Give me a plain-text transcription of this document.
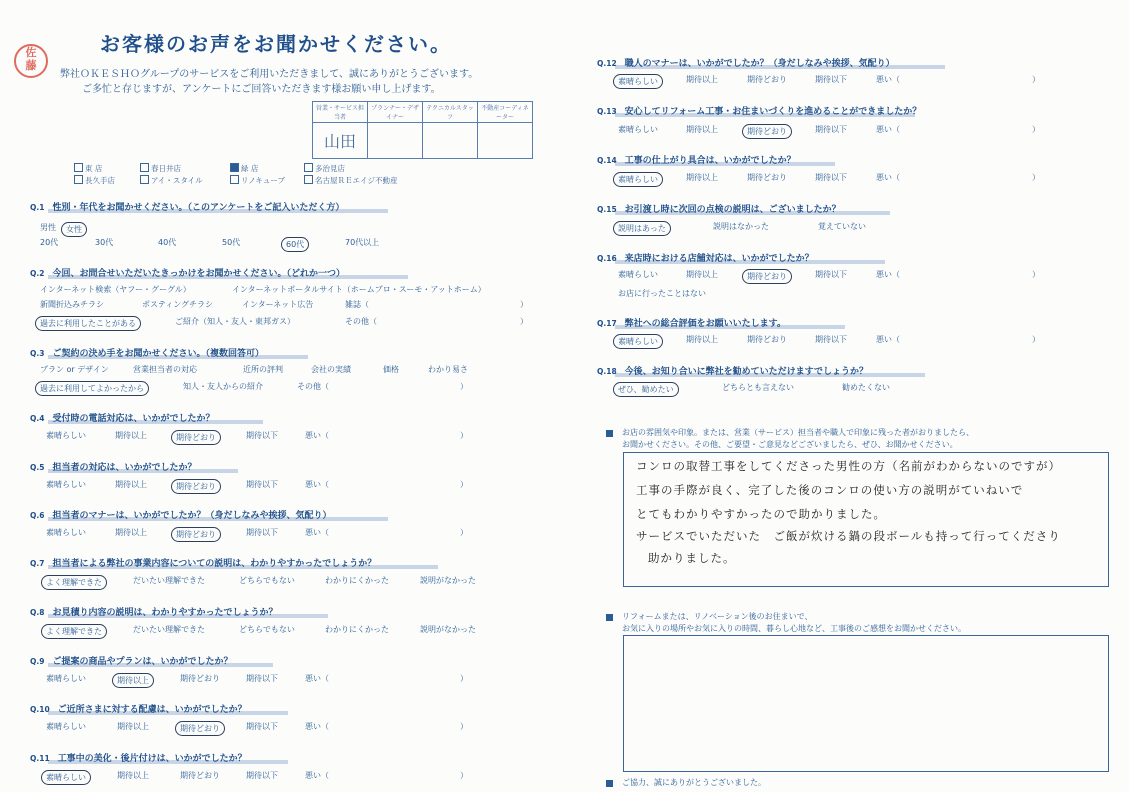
お客様のお声をお聞かせください。
佐
藤
弊社ＯＫＥＳＨＯグループのサービスをご利用いただきまして、誠にありがとうございます。
ご多忙と存じますが、アンケートにご回答いただきます様お願い申し上げます。
営業・サービス担当者	プランナー・デザイナー	テクニカルスタッフ	不動産コーディネーター
山田			
東 店	春日井店	緑 店	多治見店
長久手店	アイ・スタイル	リノキューブ	名古屋ＲＥエイジ不動産
Q.1 性別・年代をお聞かせください。（このアンケートをご記入いただく方）
男性	女性
20代	30代	40代	50代	60代	70代以上
Q.2 今回、お問合せいただいたきっかけをお聞かせください。（どれか一つ）
インターネット検索（ヤフー・グーグル）	インターネットポータルサイト（ホームプロ・スーモ・アットホーム）
新聞折込みチラシ	ポスティングチラシ	インターネット広告	雑誌（	）
過去に利用したことがある	ご紹介（知人・友人・東邦ガス）	その他（	）
Q.3 ご契約の決め手をお聞かせください。（複数回答可）
プラン or デザイン	営業担当者の対応	近所の評判	会社の実績	価格	わかり易さ
過去に利用してよかったから	知人・友人からの紹介	その他（	）
Q.4 受付時の電話対応は、いかがでしたか？
素晴らしい	期待以上	期待どおり	期待以下	悪い（	）
Q.5 担当者の対応は、いかがでしたか？
素晴らしい	期待以上	期待どおり	期待以下	悪い（	）
Q.6 担当者のマナーは、いかがでしたか？（身だしなみや挨拶、気配り）
素晴らしい	期待以上	期待どおり	期待以下	悪い（	）
Q.7 担当者による弊社の事業内容についての説明は、わかりやすかったでしょうか？
よく理解できた	だいたい理解できた	どちらでもない	わかりにくかった	説明がなかった
Q.8 お見積り内容の説明は、わかりやすかったでしょうか？
よく理解できた	だいたい理解できた	どちらでもない	わかりにくかった	説明がなかった
Q.9 ご提案の商品やプランは、いかがでしたか？
素晴らしい	期待以上	期待どおり	期待以下	悪い（	）
Q.10 ご近所さまに対する配慮は、いかがでしたか？
素晴らしい	期待以上	期待どおり	期待以下	悪い（	）
Q.11 工事中の美化・後片付けは、いかがでしたか？
素晴らしい	期待以上	期待どおり	期待以下	悪い（	）
Q.12 職人のマナーは、いかがでしたか？（身だしなみや挨拶、気配り）
素晴らしい	期待以上	期待どおり	期待以下	悪い（	）
Q.13 安心してリフォーム工事・お住まいづくりを進めることができましたか？
素晴らしい	期待以上	期待どおり	期待以下	悪い（	）
Q.14 工事の仕上がり具合は、いかがでしたか？
素晴らしい	期待以上	期待どおり	期待以下	悪い（	）
Q.15 お引渡し時に次回の点検の説明は、ございましたか？
説明はあった	説明はなかった	覚えていない
Q.16 来店時における店舗対応は、いかがでしたか？
素晴らしい	期待以上	期待どおり	期待以下	悪い（	）
お店に行ったことはない
Q.17 弊社への総合評価をお願いいたします。
素晴らしい	期待以上	期待どおり	期待以下	悪い（	）
Q.18 今後、お知り合いに弊社を勧めていただけますでしょうか？
ぜひ、勧めたい	どちらとも言えない	勧めたくない
お店の雰囲気や印象。または、営業（サービス）担当者や職人で印象に残った者がおりましたら、
お聞かせください。その他、ご要望・ご意見などございましたら、ぜひ、お聞かせください。
コンロの取替工事をしてくださった男性の方（名前がわからないのですが）
工事の手際が良く、完了した後のコンロの使い方の説明がていねいで
とてもわかりやすかったので助かりました。
サービスでいただいた　ご飯が炊ける鍋の段ボールも持って行ってくださり
助かりました。
リフォームまたは、リノベーション後のお住まいで、
お気に入りの場所やお気に入りの時間、暮らし心地など、工事後のご感想をお聞かせください。
ご協力、誠にありがとうございました。
